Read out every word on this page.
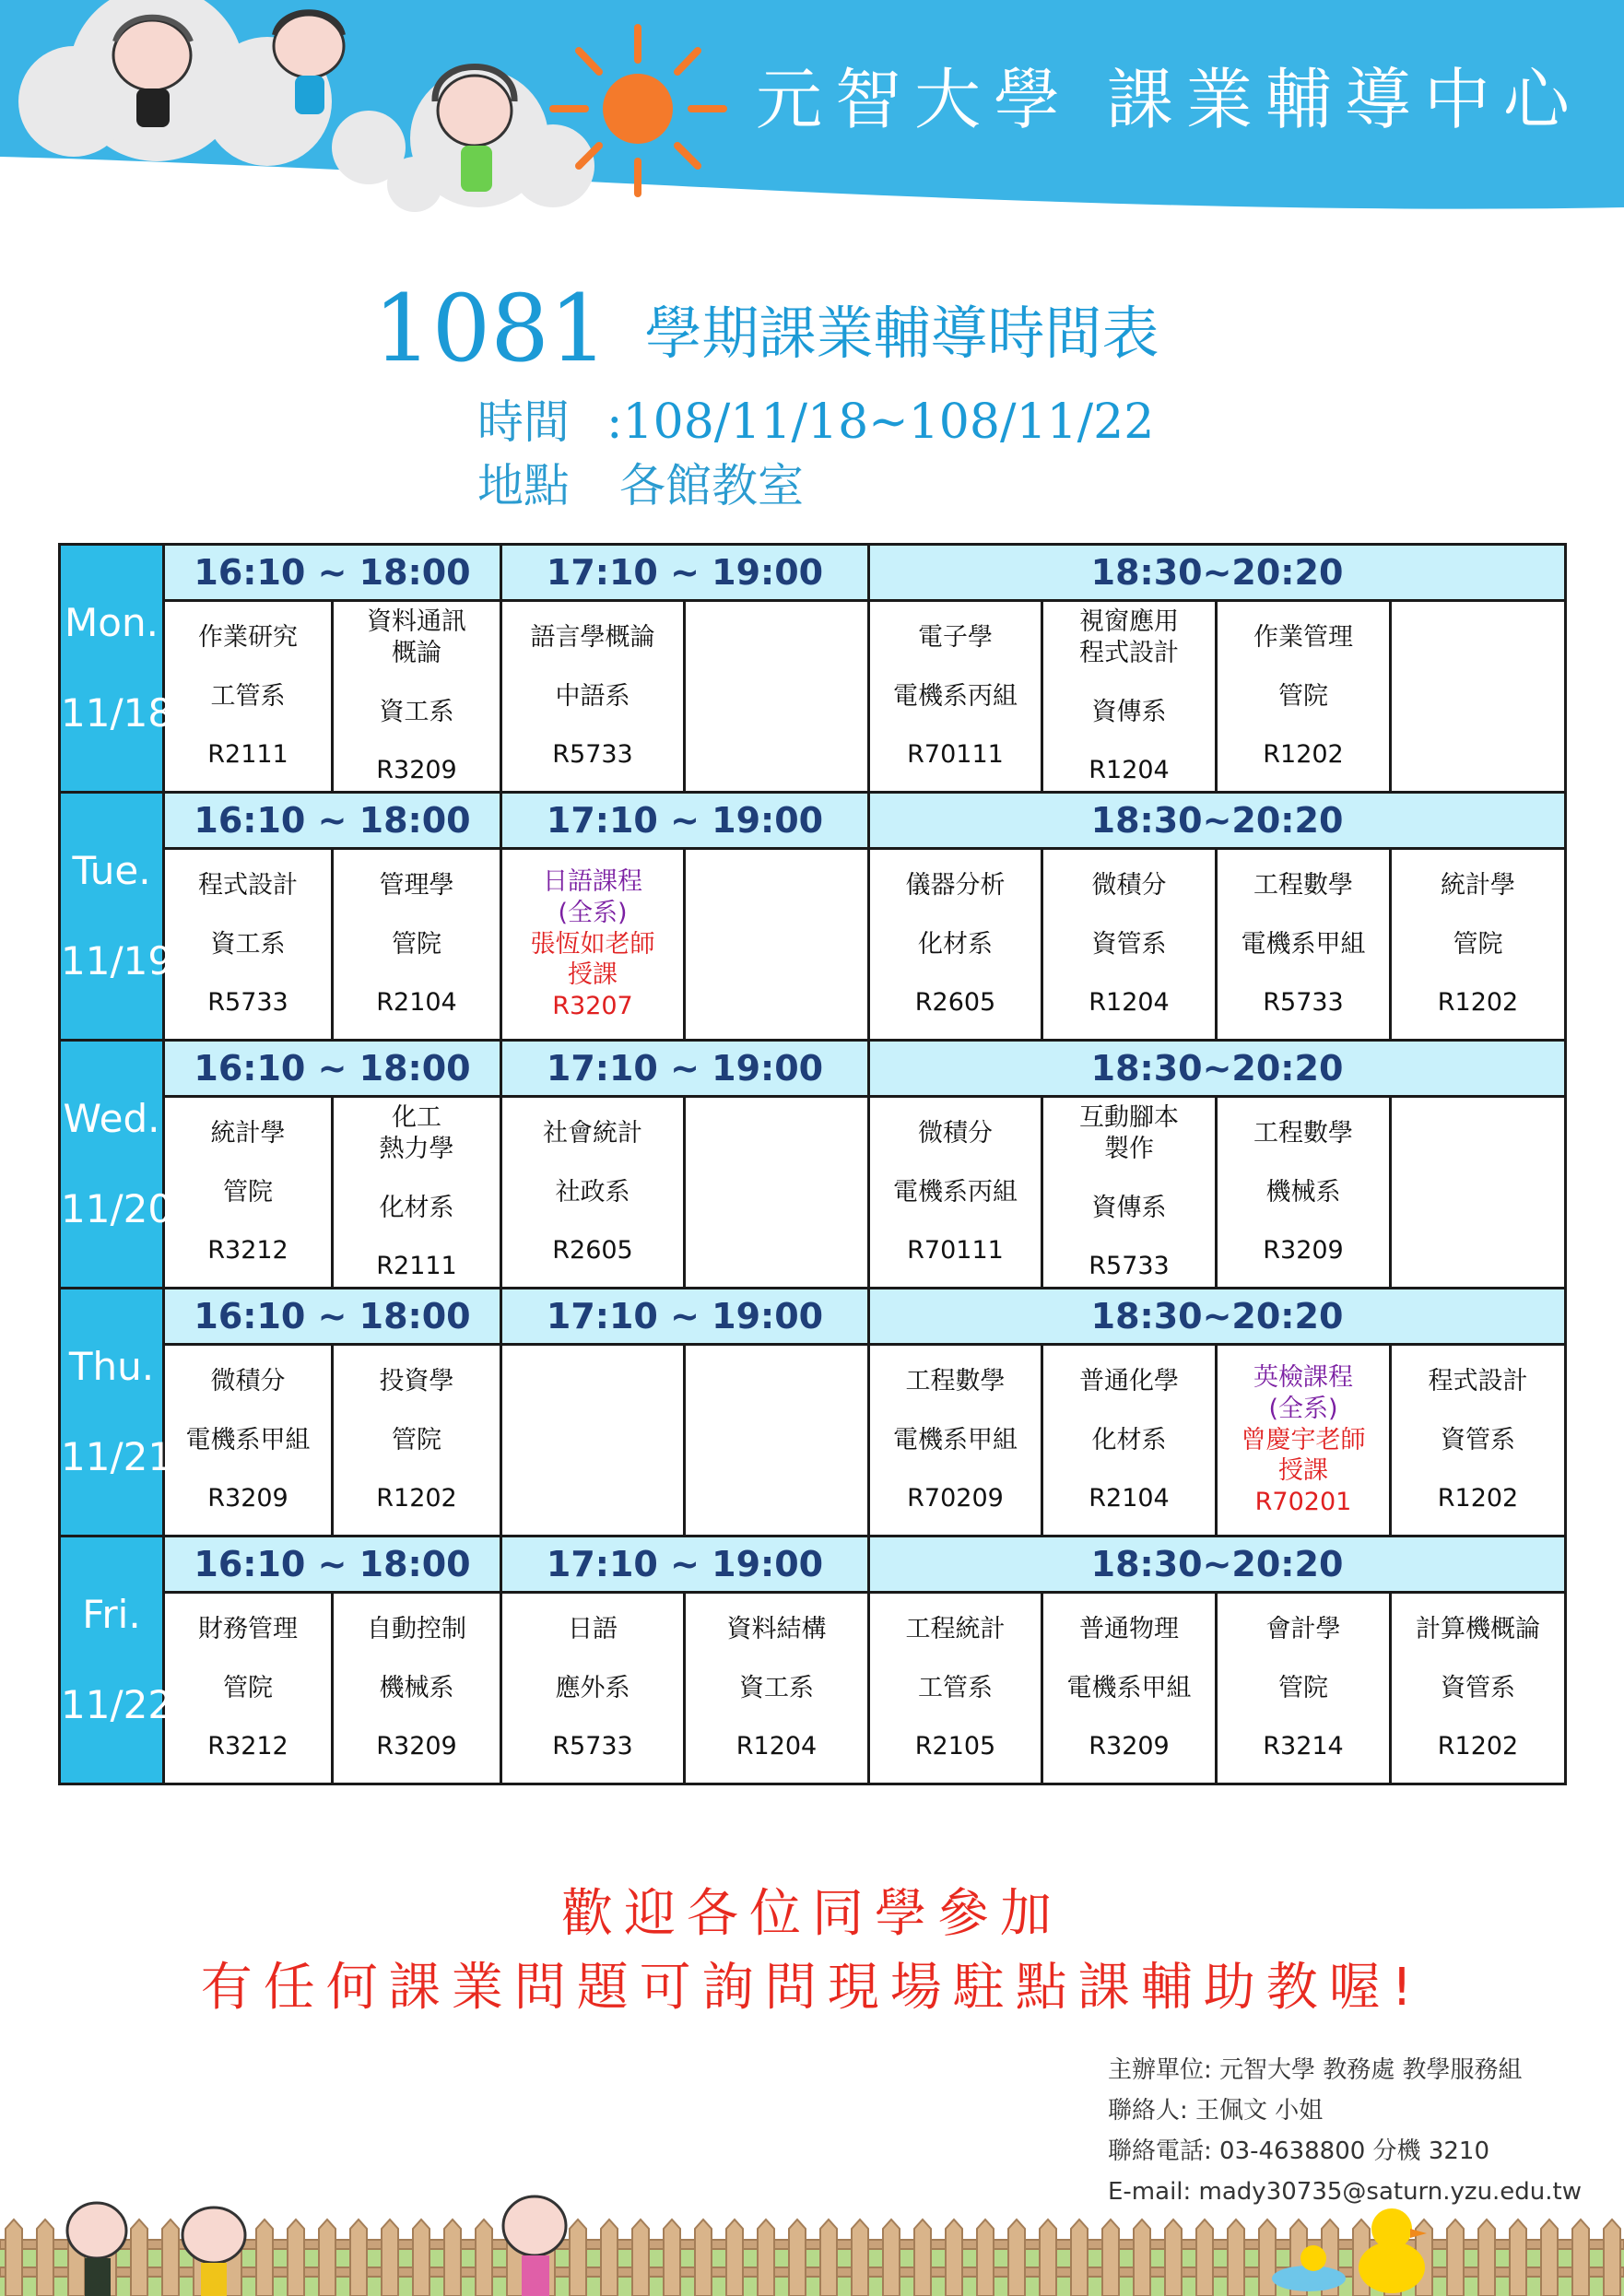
元智大學 課業輔導中心
1081 學期課業輔導時間表
時間 :108/11/18~108/11/22
地點 各館教室
Mon.
11/18	16:10 ~ 18:00		17:10 ~ 19:00		18:30~20:20			

	作業研究
工管系
R2111	資料通訊
概論
資工系
R3209	語言學概論
中語系
R5733		電子學
電機系丙組
R70111	視窗應用
程式設計
資傳系
R1204	作業管理
管院
R1202	

Tue.
11/19	16:10 ~ 18:00		17:10 ~ 19:00		18:30~20:20			

	程式設計
資工系
R5733	管理學
管院
R2104	日語課程
(全系)
張恆如老師
授課
R3207		儀器分析
化材系
R2605	微積分
資管系
R1204	工程數學
電機系甲組
R5733	統計學
管院
R1202

Wed.
11/20	16:10 ~ 18:00		17:10 ~ 19:00		18:30~20:20			

	統計學
管院
R3212	化工
熱力學
化材系
R2111	社會統計
社政系
R2605		微積分
電機系丙組
R70111	互動腳本
製作
資傳系
R5733	工程數學
機械系
R3209	

Thu.
11/21	16:10 ~ 18:00		17:10 ~ 19:00		18:30~20:20			

	微積分
電機系甲組
R3209	投資學
管院
R1202			工程數學
電機系甲組
R70209	普通化學
化材系
R2104	英檢課程
(全系)
曾慶宇老師
授課
R70201	程式設計
資管系
R1202

Fri.
11/22	16:10 ~ 18:00		17:10 ~ 19:00		18:30~20:20			

	財務管理
管院
R3212	自動控制
機械系
R3209	日語
應外系
R5733	資料結構
資工系
R1204	工程統計
工管系
R2105	普通物理
電機系甲組
R3209	會計學
管院
R3214	計算機概論
資管系
R1202
歡迎各位同學參加
有任何課業問題可詢問現場駐點課輔助教喔!
主辦單位: 元智大學 教務處 教學服務組
聯絡人: 王佩文 小姐
聯絡電話: 03-4638800 分機 3210
E-mail: mady30735@saturn.yzu.edu.tw
